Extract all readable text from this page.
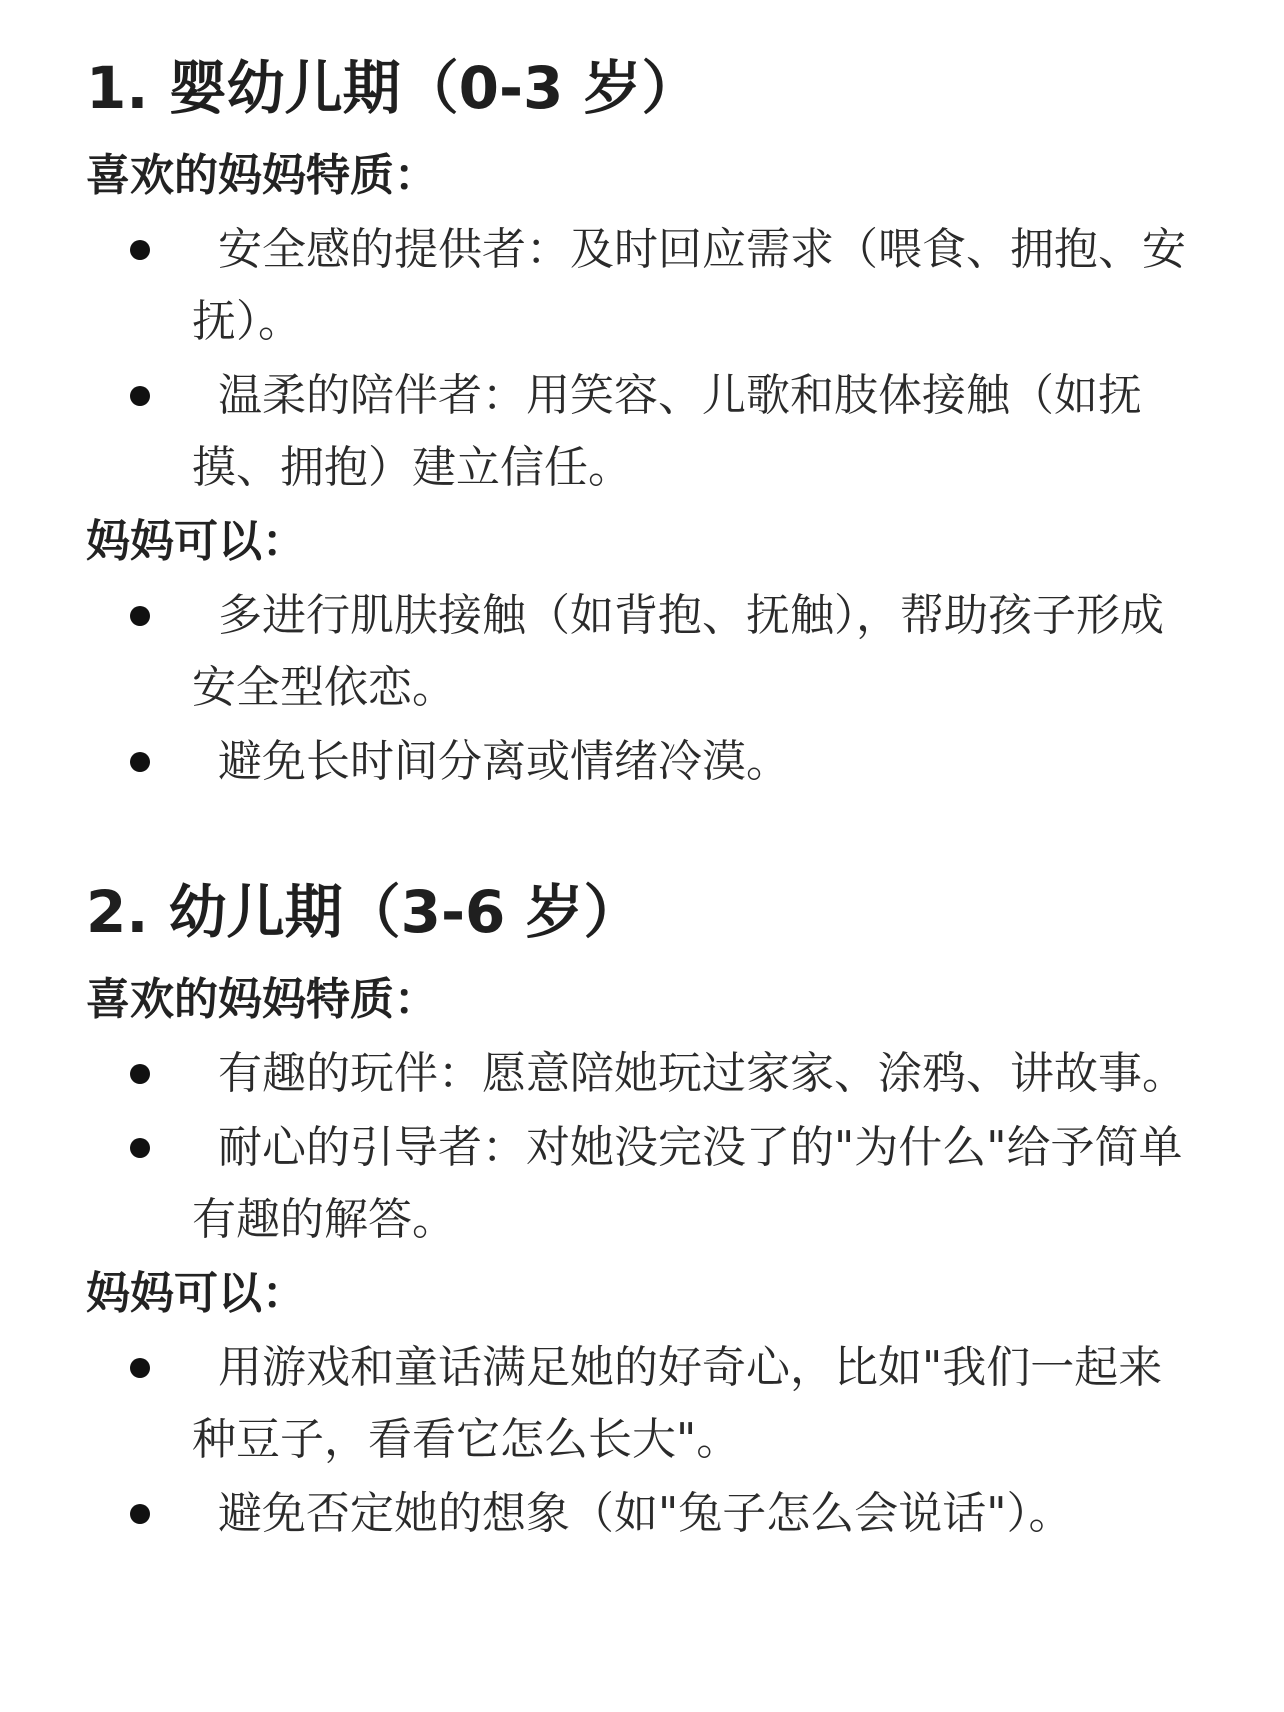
1. 婴幼儿期（0-3 岁）
喜欢的妈妈特质：
安全感的提供者：及时回应需求（喂食、拥抱、安抚）。
温柔的陪伴者：用笑容、儿歌和肢体接触（如抚摸、拥抱）建立信任。
妈妈可以：
多进行肌肤接触（如背抱、抚触），帮助孩子形成安全型依恋。
避免长时间分离或情绪冷漠。
2. 幼儿期（3-6 岁）
喜欢的妈妈特质：
有趣的玩伴：愿意陪她玩过家家、涂鸦、讲故事。
耐心的引导者：对她没完没了的"为什么"给予简单有趣的解答。
妈妈可以：
用游戏和童话满足她的好奇心，比如"我们一起来种豆子，看看它怎么长大"。
避免否定她的想象（如"兔子怎么会说话"）。
